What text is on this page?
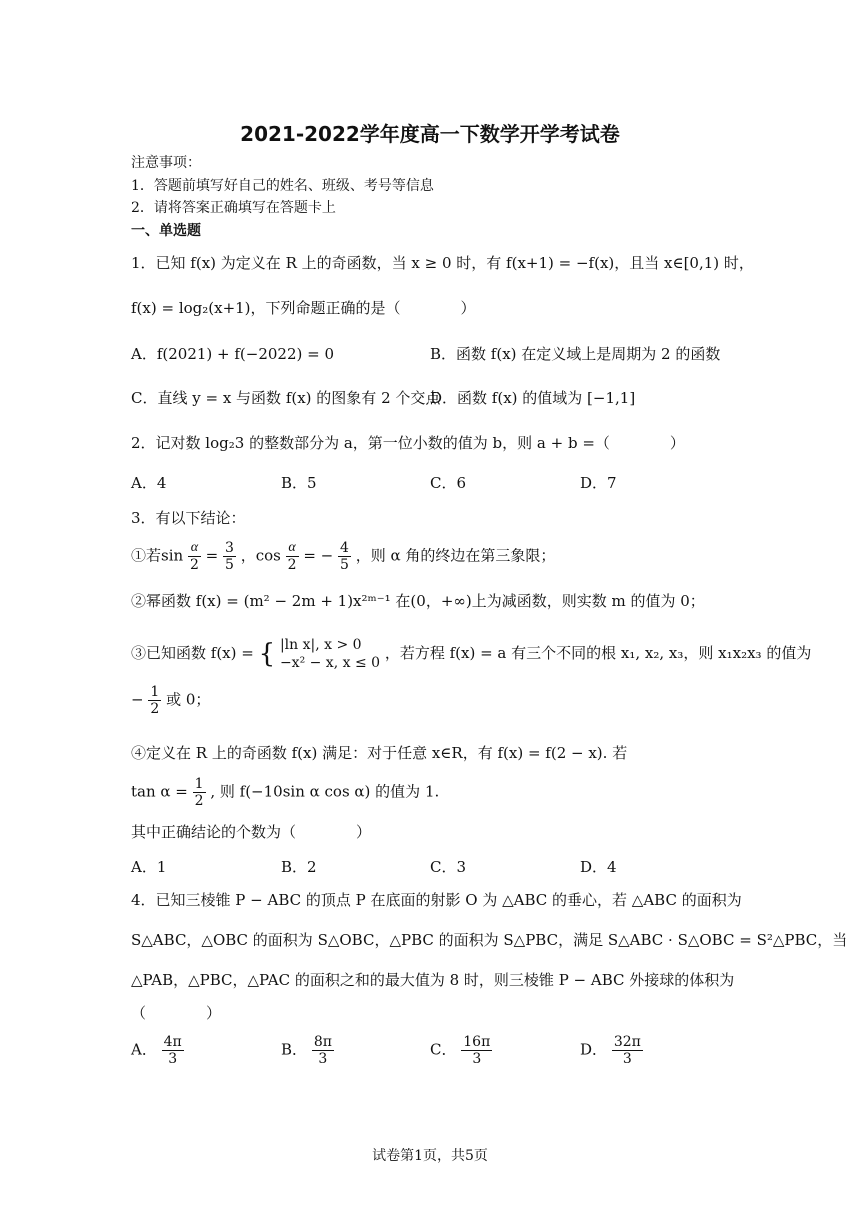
2021-2022学年度高一下数学开学考试卷
注意事项：
1．答题前填写好自己的姓名、班级、考号等信息
2．请将答案正确填写在答题卡上
一、单选题
1．已知 f(x) 为定义在 R 上的奇函数，当 x ≥ 0 时，有 f(x+1) = −f(x)，且当 x∈[0,1) 时，
f(x) = log₂(x+1)，下列命题正确的是（　　　　）
A．f(2021) + f(−2022) = 0	B．函数 f(x) 在定义域上是周期为 2 的函数
C．直线 y = x 与函数 f(x) 的图象有 2 个交点
D．函数 f(x) 的值域为 [−1,1]
2．记对数 log₂3 的整数部分为 a，第一位小数的值为 b，则 a + b =（　　　　）
A．4	B．5	C．6	D．7
3．有以下结论：
①若$\sin \frac{\alpha}{2} = \frac{3}{5}$ ，$\cos \frac{\alpha}{2}$ = − $\frac{4}{5}$ ，则 α 角的终边在第三象限；
②幂函数 f(x) = (m² − 2m + 1)x²ᵐ⁻¹ 在(0，+∞)上为减函数，则实数 m 的值为 0；
③已知函数 f(x) = { |ln x|, x > 0
−x² − x, x ≤ 0
，若方程 f(x) = a 有三个不同的根 x₁, x₂, x₃，则 x₁x₂x₃ 的值为
− $\frac{1}{2}$ 或 0；
④定义在 R 上的奇函数 f(x) 满足：对于任意 x∈R，有 f(x) = f(2 − x). 若
$\tan \alpha = \frac{1}{2}$ , 则 f(−10sin α cos α) 的值为 1.
其中正确结论的个数为（　　　　）
A．1	B．2	C．3	D．4
4．已知三棱锥 P − ABC 的顶点 P 在底面的射影 O 为 △ABC 的垂心，若 △ABC 的面积为
S△ABC，△OBC 的面积为 S△OBC，△PBC 的面积为 S△PBC，满足 S△ABC · S△OBC = S²△PBC，当
△PAB，△PBC，△PAC 的面积之和的最大值为 8 时，则三棱锥 P − ABC 外接球的体积为
（　　　　）
A． $\frac{4\pi}{3}$	B． $\frac{8\pi}{3}$	C． $\frac{16\pi}{3}$	D． $\frac{32\pi}{3}$
试卷第1页，共5页
